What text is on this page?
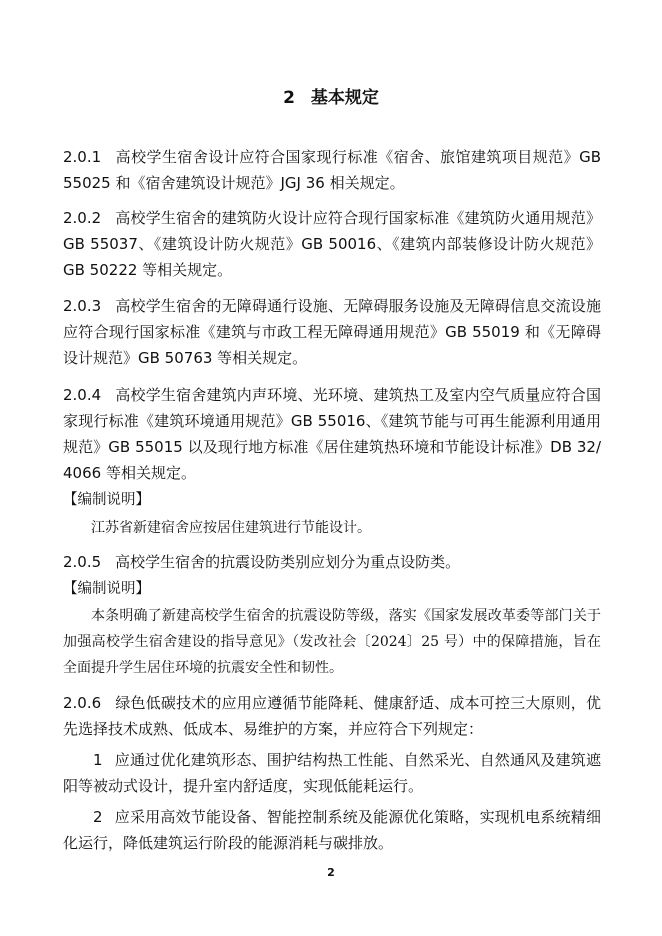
2 基本规定
2.0.1 高校学生宿舍设计应符合国家现行标准《宿舍、旅馆建筑项目规范》GB 55025 和《宿舍建筑设计规范》JGJ 36 相关规定。
2.0.2 高校学生宿舍的建筑防火设计应符合现行国家标准《建筑防火通用规范》GB 55037、《建筑设计防火规范》GB 50016、《建筑内部装修设计防火规范》GB 50222 等相关规定。
2.0.3 高校学生宿舍的无障碍通行设施、无障碍服务设施及无障碍信息交流设施应符合现行国家标准《建筑与市政工程无障碍通用规范》GB 55019 和《无障碍设计规范》GB 50763 等相关规定。
2.0.4 高校学生宿舍建筑内声环境、光环境、建筑热工及室内空气质量应符合国家现行标准《建筑环境通用规范》GB 55016、《建筑节能与可再生能源利用通用规范》GB 55015 以及现行地方标准《居住建筑热环境和节能设计标准》DB 32/ 4066 等相关规定。
【编制说明】
江苏省新建宿舍应按居住建筑进行节能设计。
2.0.5 高校学生宿舍的抗震设防类别应划分为重点设防类。
【编制说明】
本条明确了新建高校学生宿舍的抗震设防等级，落实《国家发展改革委等部门关于加强高校学生宿舍建设的指导意见》（发改社会〔2024〕25 号）中的保障措施，旨在全面提升学生居住环境的抗震安全性和韧性。
2.0.6 绿色低碳技术的应用应遵循节能降耗、健康舒适、成本可控三大原则，优先选择技术成熟、低成本、易维护的方案，并应符合下列规定：
1 应通过优化建筑形态、围护结构热工性能、自然采光、自然通风及建筑遮阳等被动式设计，提升室内舒适度，实现低能耗运行。
2 应采用高效节能设备、智能控制系统及能源优化策略，实现机电系统精细化运行，降低建筑运行阶段的能源消耗与碳排放。
2
